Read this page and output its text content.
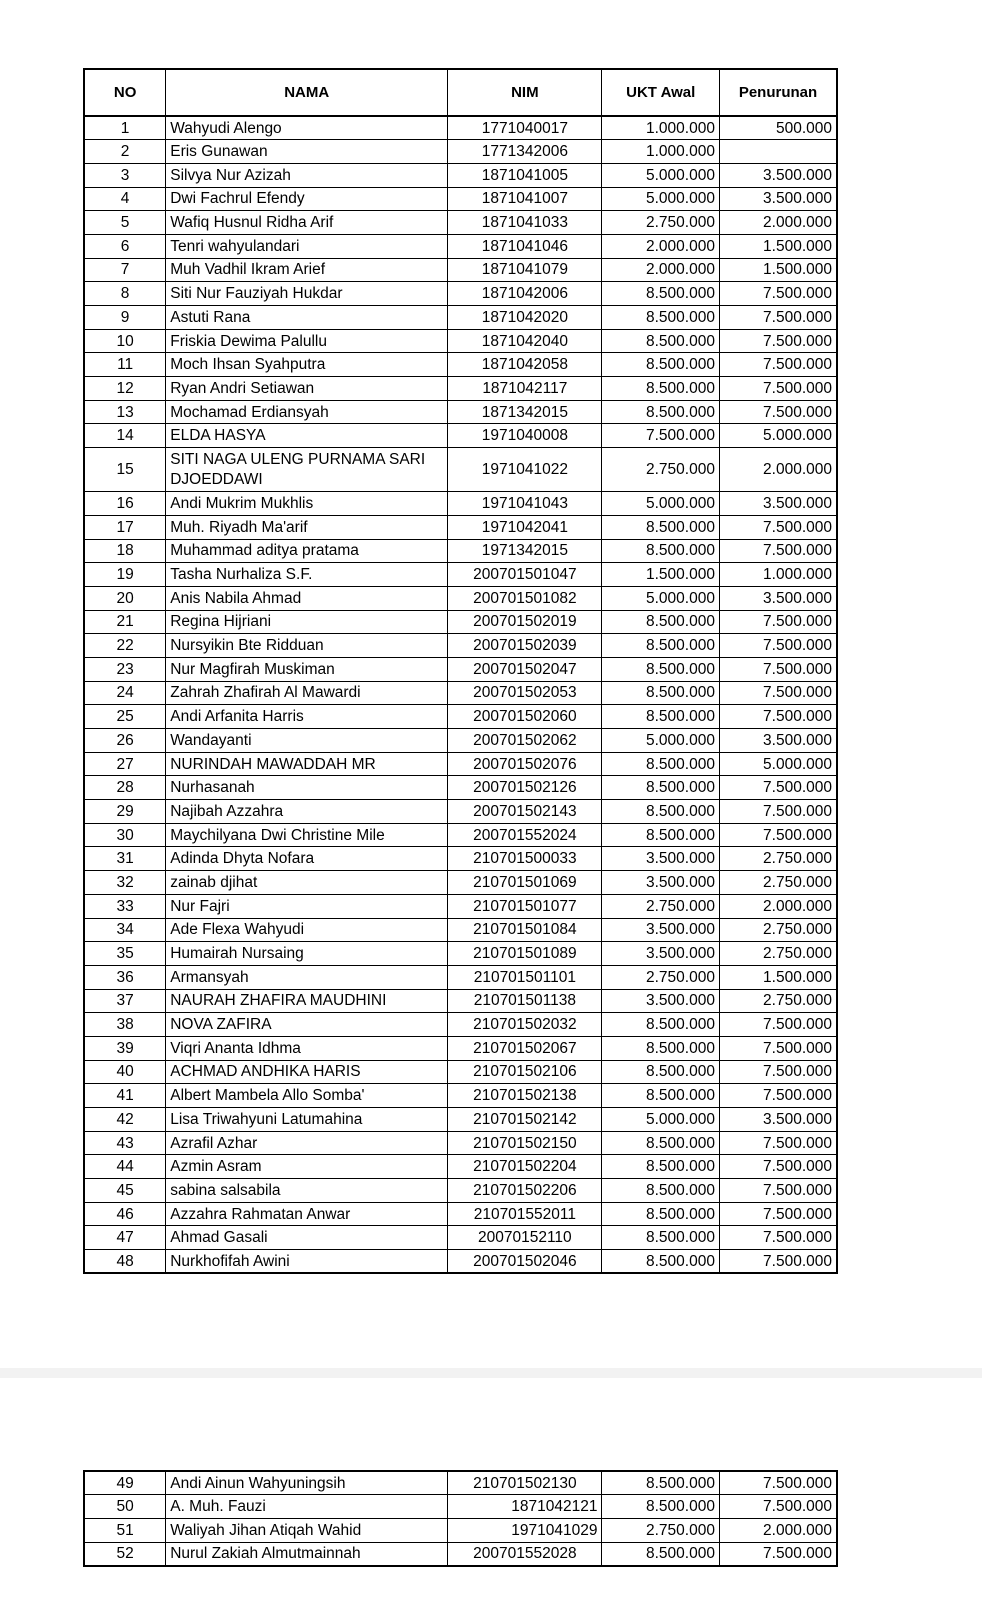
NO	NAMA	NIM	UKT Awal	Penurunan
1	Wahyudi Alengo	1771040017	1.000.000	500.000
2	Eris Gunawan	1771342006	1.000.000	
3	Silvya Nur Azizah	1871041005	5.000.000	3.500.000
4	Dwi Fachrul Efendy	1871041007	5.000.000	3.500.000
5	Wafiq Husnul Ridha Arif	1871041033	2.750.000	2.000.000
6	Tenri wahyulandari	1871041046	2.000.000	1.500.000
7	Muh Vadhil Ikram Arief	1871041079	2.000.000	1.500.000
8	Siti Nur Fauziyah Hukdar	1871042006	8.500.000	7.500.000
9	Astuti Rana	1871042020	8.500.000	7.500.000
10	Friskia Dewima Palullu	1871042040	8.500.000	7.500.000
11	Moch Ihsan Syahputra	1871042058	8.500.000	7.500.000
12	Ryan Andri Setiawan	1871042117	8.500.000	7.500.000
13	Mochamad Erdiansyah	1871342015	8.500.000	7.500.000
14	ELDA HASYA	1971040008	7.500.000	5.000.000
15	SITI NAGA ULENG PURNAMA SARI DJOEDDAWI	1971041022	2.750.000	2.000.000
16	Andi Mukrim Mukhlis	1971041043	5.000.000	3.500.000
17	Muh. Riyadh Ma'arif	1971042041	8.500.000	7.500.000
18	Muhammad aditya pratama	1971342015	8.500.000	7.500.000
19	Tasha Nurhaliza S.F.	200701501047	1.500.000	1.000.000
20	Anis Nabila Ahmad	200701501082	5.000.000	3.500.000
21	Regina Hijriani	200701502019	8.500.000	7.500.000
22	Nursyikin Bte Ridduan	200701502039	8.500.000	7.500.000
23	Nur Magfirah Muskiman	200701502047	8.500.000	7.500.000
24	Zahrah Zhafirah Al Mawardi	200701502053	8.500.000	7.500.000
25	Andi Arfanita Harris	200701502060	8.500.000	7.500.000
26	Wandayanti	200701502062	5.000.000	3.500.000
27	NURINDAH MAWADDAH MR	200701502076	8.500.000	5.000.000
28	Nurhasanah	200701502126	8.500.000	7.500.000
29	Najibah Azzahra	200701502143	8.500.000	7.500.000
30	Maychilyana Dwi Christine Mile	200701552024	8.500.000	7.500.000
31	Adinda Dhyta Nofara	210701500033	3.500.000	2.750.000
32	zainab djihat	210701501069	3.500.000	2.750.000
33	Nur Fajri	210701501077	2.750.000	2.000.000
34	Ade Flexa Wahyudi	210701501084	3.500.000	2.750.000
35	Humairah Nursaing	210701501089	3.500.000	2.750.000
36	Armansyah	210701501101	2.750.000	1.500.000
37	NAURAH ZHAFIRA MAUDHINI	210701501138	3.500.000	2.750.000
38	NOVA ZAFIRA	210701502032	8.500.000	7.500.000
39	Viqri Ananta Idhma	210701502067	8.500.000	7.500.000
40	ACHMAD ANDHIKA HARIS	210701502106	8.500.000	7.500.000
41	Albert Mambela Allo Somba'	210701502138	8.500.000	7.500.000
42	Lisa Triwahyuni Latumahina	210701502142	5.000.000	3.500.000
43	Azrafil Azhar	210701502150	8.500.000	7.500.000
44	Azmin Asram	210701502204	8.500.000	7.500.000
45	sabina salsabila	210701502206	8.500.000	7.500.000
46	Azzahra Rahmatan Anwar	210701552011	8.500.000	7.500.000
47	Ahmad Gasali	20070152110	8.500.000	7.500.000
48	Nurkhofifah Awini	200701502046	8.500.000	7.500.000
49	Andi Ainun Wahyuningsih	210701502130	8.500.000	7.500.000
50	A. Muh. Fauzi	1871042121	8.500.000	7.500.000
51	Waliyah Jihan Atiqah Wahid	1971041029	2.750.000	2.000.000
52	Nurul Zakiah Almutmainnah	200701552028	8.500.000	7.500.000
